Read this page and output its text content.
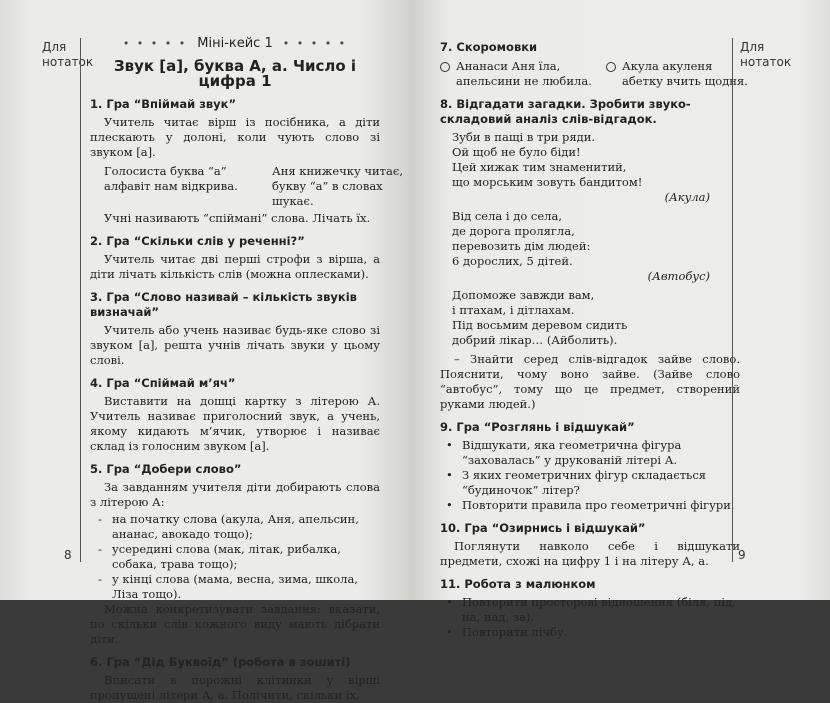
Для
нотаток
8
• • • • • Міні-кейс 1 • • • • •
Звук [а], буква А, а. Число і цифра 1
1. Гра “Впіймай звук”

Учитель читає вірш із посібника, а діти плескають у долоні, коли чують слово зі звуком [а].

Голосиста буква “а”
алфавіт нам відкрива.
Аня книжечку читає,
букву “а” в словах шукає.

Учні називають “спіймані” слова. Лічать їх.

2. Гра “Скільки слів у реченні?”

Учитель читає дві перші строфи з вірша, а діти лічать кількість слів (можна оплесками).

3. Гра “Слово називай – кількість звуків визначай”

Учитель або учень називає будь-яке слово зі звуком [а], решта учнів лічать звуки у цьому слові.

4. Гра “Спіймай м’яч”

Виставити на дошці картку з літерою А. Учитель називає приголосний звук, а учень, якому кидають м’ячик, утворює і називає склад із голосним звуком [а].

5. Гра “Добери слово”

За завданням учителя діти добирають слова з літерою А:

- на початку слова (акула, Аня, апельсин, ананас, авокадо тощо);
- усередині слова (мак, літак, рибалка, собака, трава тощо);
- у кінці слова (мама, весна, зима, школа, Ліза тощо).

Можна конкретизувати завдання: вказати, по скільки слів кожного виду мають дібрати діти.

6. Гра “Дід Буквоїд” (робота в зошиті)

Вписати в порожні клітинки у вірші пропущені літери А, а. Полічити, скільки їх.

7. Скоромовки
Ананаси Аня їла,
апельсини не любила.
Акула акуленя
абетку вчить щодня.
8. Відгадати загадки. Зробити звуко-складовий аналіз слів-відгадок.
Зуби в пащі в три ряди.
Ой щоб не було біди!
Цей хижак тим знаменитий,
що морським зовуть бандитом!
(Акула)
Від села і до села,
де дорога пролягла,
перевозить дім людей:
6 дорослих, 5 дітей.
(Автобус)
Допоможе завжди вам,
і птахам, і дітлахам.
Під восьмим деревом сидить
добрий лікар… (Айболить).

– Знайти серед слів-відгадок зайве слово. Пояснити, чому воно зайве. (Зайве слово “автобус”, тому що це предмет, створений руками людей.)

9. Гра “Розглянь і відшукай”
• Відшукати, яка геометрична фігура “заховалась” у друкованій літері А.
• З яких геометричних фігур складається “будиночок” літер?
• Повторити правила про геометричні фігури.
10. Гра “Озирнись і відшукай”

Поглянути навколо себе і відшукати предмети, схожі на цифру 1 і на літеру А, а.

11. Робота з малюнком
• Повторити просторові відношення (біля, під, на, над, за).
• Повторити лічбу.
Для
нотаток
9
